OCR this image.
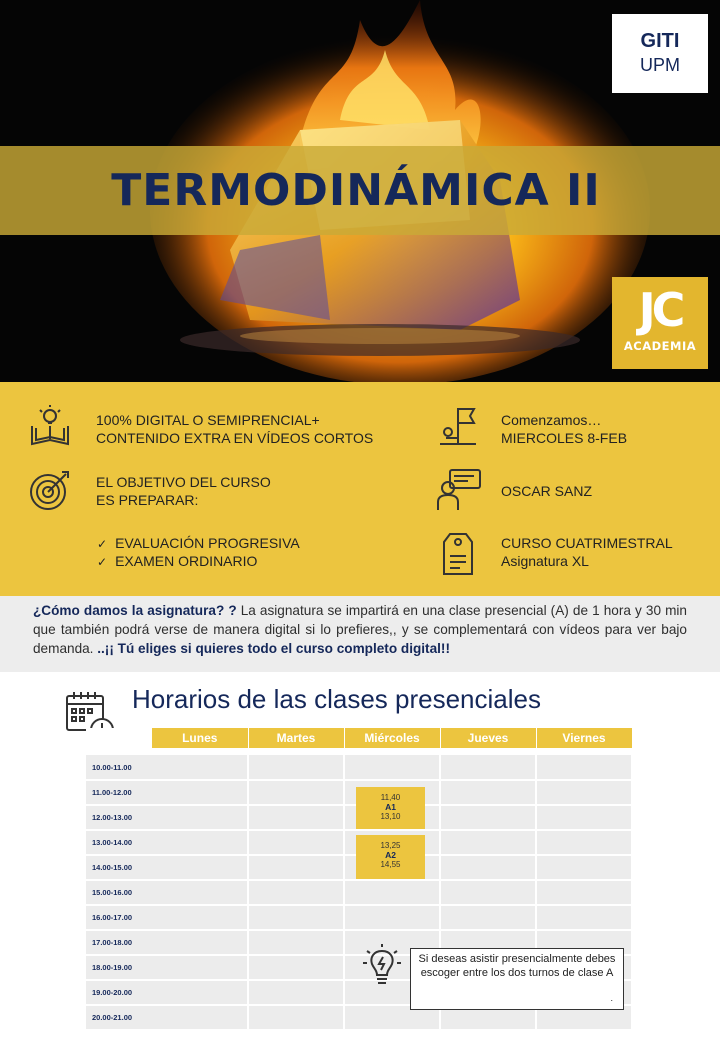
GITI
UPM
TERMODINÁMICA II
JC
ACADEMIA
100% DIGITAL O SEMIPRENCIAL+
CONTENIDO EXTRA EN VÍDEOS CORTOS
Comenzamos…
MIERCOLES 8-FEB
EL OBJETIVO DEL CURSO
ES PREPARAR:
OSCAR SANZ
✓ EVALUACIÓN PROGRESIVA
✓ EXAMEN ORDINARIO
CURSO CUATRIMESTRAL
Asignatura XL
¿Cómo damos la asignatura? ? La asignatura se impartirá en una clase presencial (A) de 1 hora y 30 min que también podrá verse de manera digital si lo prefieres,, y se complementará con vídeos para ver bajo demanda. ..¡¡ Tú eliges si quieres todo el curso completo digital!!
Horarios de las clases presenciales
	Lunes	Martes	Miércoles	Jueves	Viernes

10.00-11.00					
11.00-12.00			11,40
A1
13,10		

12.00-13.00					
13.00-14.00			13,25
A2
14,55		

14.00-15.00					
15.00-16.00					
16.00-17.00					
17.00-18.00					
18.00-19.00					
19.00-20.00					
20.00-21.00					
Si deseas asistir presencialmente debes escoger entre los dos turnos de clase A
.
